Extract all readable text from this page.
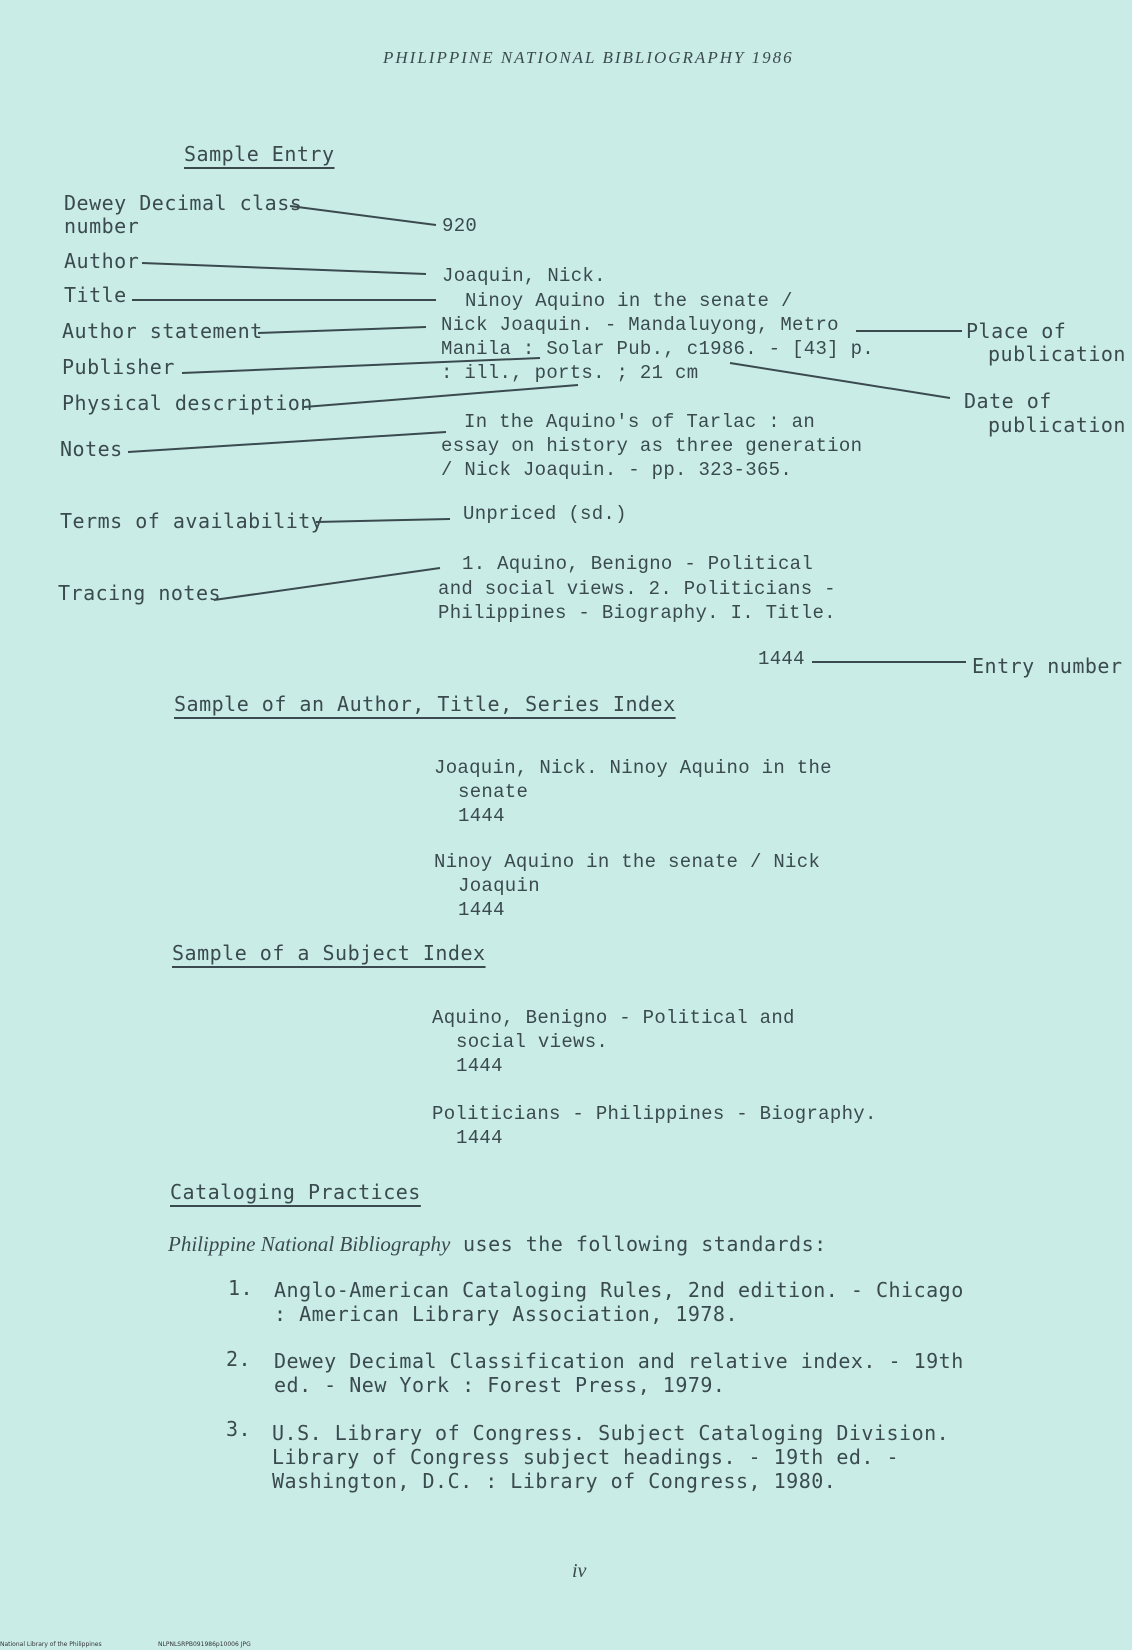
PHILIPPINE NATIONAL BIBLIOGRAPHY 1986
Sample Entry
Dewey Decimal class
number
Author
Title
Author statement
Publisher
Physical description
Notes
Terms of availability
Tracing notes
Place of
publication
Date of
publication
Entry number
920
Joaquin, Nick.
Ninoy Aquino in the senate /
Nick Joaquin. - Mandaluyong, Metro
Manila : Solar Pub., c1986. - [43] p.
: ill., ports. ; 21 cm
In the Aquino's of Tarlac : an
essay on history as three generation
/ Nick Joaquin. - pp. 323-365.
Unpriced (sd.)
1. Aquino, Benigno - Political
and social views. 2. Politicians -
Philippines - Biography. I. Title.
1444
Sample of an Author, Title, Series Index
Joaquin, Nick. Ninoy Aquino in the
senate
1444
Ninoy Aquino in the senate / Nick
Joaquin
1444
Sample of a Subject Index
Aquino, Benigno - Political and
social views.
1444
Politicians - Philippines - Biography.
1444
Cataloging Practices
Philippine National Bibliography uses the following standards:
1. Anglo-American Cataloging Rules, 2nd edition. - Chicago
: American Library Association, 1978.
2. Dewey Decimal Classification and relative index. - 19th
ed. - New York : Forest Press, 1979.
3. U.S. Library of Congress. Subject Cataloging Division.
Library of Congress subject headings. - 19th ed. -
Washington, D.C. : Library of Congress, 1980.
iv
National Library of the Philippines	NLPNLSRPB091986p10006 JPG
